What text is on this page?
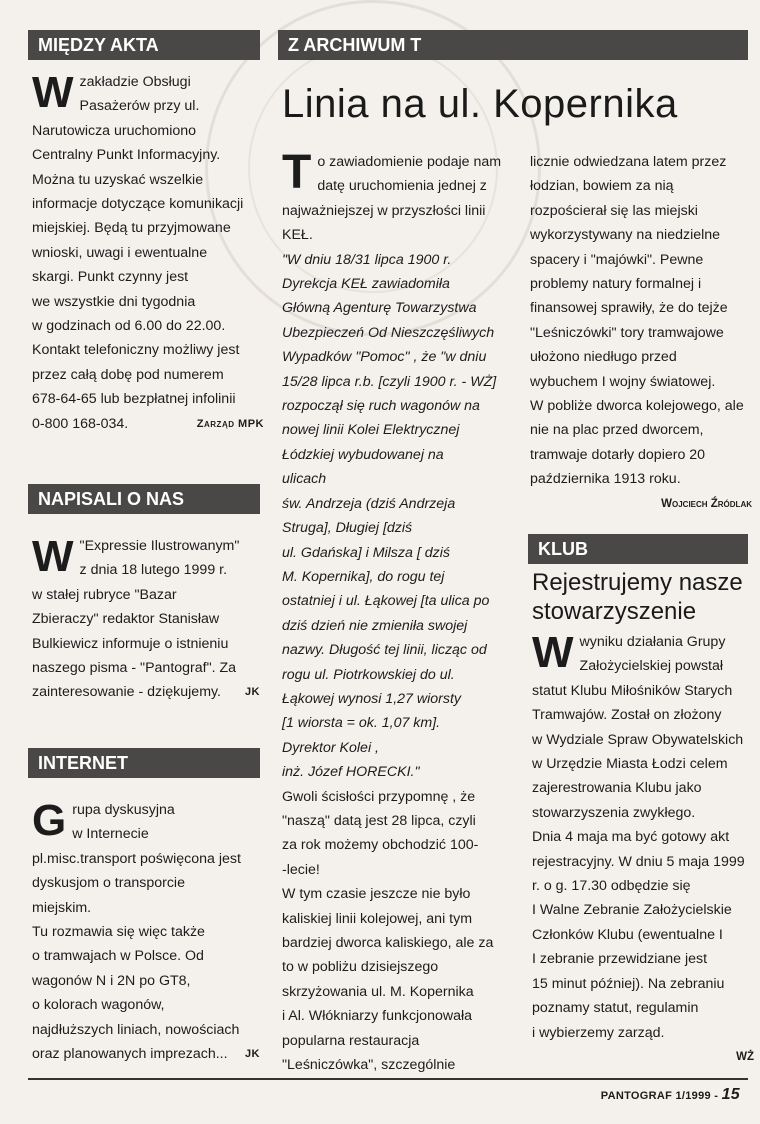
MIĘDZY AKTA
W zakładzie Obsługi

Pasażerów przy ul.

Narutowicza uruchomiono

Centralny Punkt Informacyjny.

Można tu uzyskać wszelkie

informacje dotyczące komunikacji

miejskiej. Będą tu przyjmowane

wnioski, uwagi i ewentualne

skargi. Punkt czynny jest

we wszystkie dni tygodnia

w godzinach od 6.00 do 22.00.

Kontakt telefoniczny możliwy jest

przez całą dobę pod numerem

678-64-65 lub bezpłatnej infolinii

0-800 168-034.	Zarząd MPK

NAPISALI O NAS
W "Expressie Ilustrowanym"

z dnia 18 lutego 1999 r.

w stałej rubryce "Bazar

Zbieraczy" redaktor Stanisław

Bulkiewicz informuje o istnieniu

naszego pisma - "Pantograf". Za

zainteresowanie - dziękujemy. JK

INTERNET
G rupa dyskusyjna

w Internecie

pl.misc.transport poświęcona jest

dyskusjom o transporcie

miejskim.

Tu rozmawia się więc także

o tramwajach w Polsce. Od

wagonów N i 2N po GT8,

o kolorach wagonów,

najdłuższych liniach, nowościach

oraz planowanych imprezach... JK

Z ARCHIWUM T
Linia na ul. Kopernika
T o zawiadomienie podaje nam

datę uruchomienia jednej z

najważniejszej w przyszłości linii

KEŁ.

"W dniu 18/31 lipca 1900 r.

Dyrekcja KEŁ zawiadomiła

Główną Agenturę Towarzystwa

Ubezpieczeń Od Nieszczęśliwych

Wypadków "Pomoc" , że "w dniu

15/28 lipca r.b. [czyli 1900 r. - WŻ]

rozpoczął się ruch wagonów na

nowej linii Kolei Elektrycznej

Łódzkiej wybudowanej na

ulicach

św. Andrzeja (dziś Andrzeja

Struga], Długiej [dziś

ul. Gdańska] i Milsza [ dziś

M. Kopernika], do rogu tej

ostatniej i ul. Łąkowej [ta ulica po

dziś dzień nie zmieniła swojej

nazwy. Długość tej linii, licząc od

rogu ul. Piotrkowskiej do ul.

Łąkowej wynosi 1,27 wiorsty

[1 wiorsta = ok. 1,07 km].

Dyrektor Kolei ,

inż. Józef HORECKI."

Gwoli ścisłości przypomnę , że

"naszą" datą jest 28 lipca, czyli

za rok możemy obchodzić 100-

-lecie!

W tym czasie jeszcze nie było

kaliskiej linii kolejowej, ani tym

bardziej dworca kaliskiego, ale za

to w pobliżu dzisiejszego

skrzyżowania ul. M. Kopernika

i Al. Włókniarzy funkcjonowała

popularna restauracja

"Leśniczówka", szczególnie

licznie odwiedzana latem przez

łodzian, bowiem za nią

rozpościerał się las miejski

wykorzystywany na niedzielne

spacery i "majówki". Pewne

problemy natury formalnej i

finansowej sprawiły, że do tejże

"Leśniczówki" tory tramwajowe

ułożono niedługo przed

wybuchem I wojny światowej.

W pobliże dworca kolejowego, ale

nie na plac przed dworcem,

tramwaje dotarły dopiero 20

października 1913 roku.

Wojciech Źródlak

KLUB
Rejestrujemy nasze
stowarzyszenie
W wyniku działania Grupy

Założycielskiej powstał

statut Klubu Miłośników Starych

Tramwajów. Został on złożony

w Wydziale Spraw Obywatelskich

w Urzędzie Miasta Łodzi celem

zajerestrowania Klubu jako

stowarzyszenia zwykłego.

Dnia 4 maja ma być gotowy akt

rejestracyjny. W dniu 5 maja 1999

r. o g. 17.30 odbędzie się

I Walne Zebranie Założycielskie

Członków Klubu (ewentualne I

I zebranie przewidziane jest

15 minut później). Na zebraniu

poznamy statut, regulamin

i wybierzemy zarząd.

WŻ

PANTOGRAF 1/1999 - 15
